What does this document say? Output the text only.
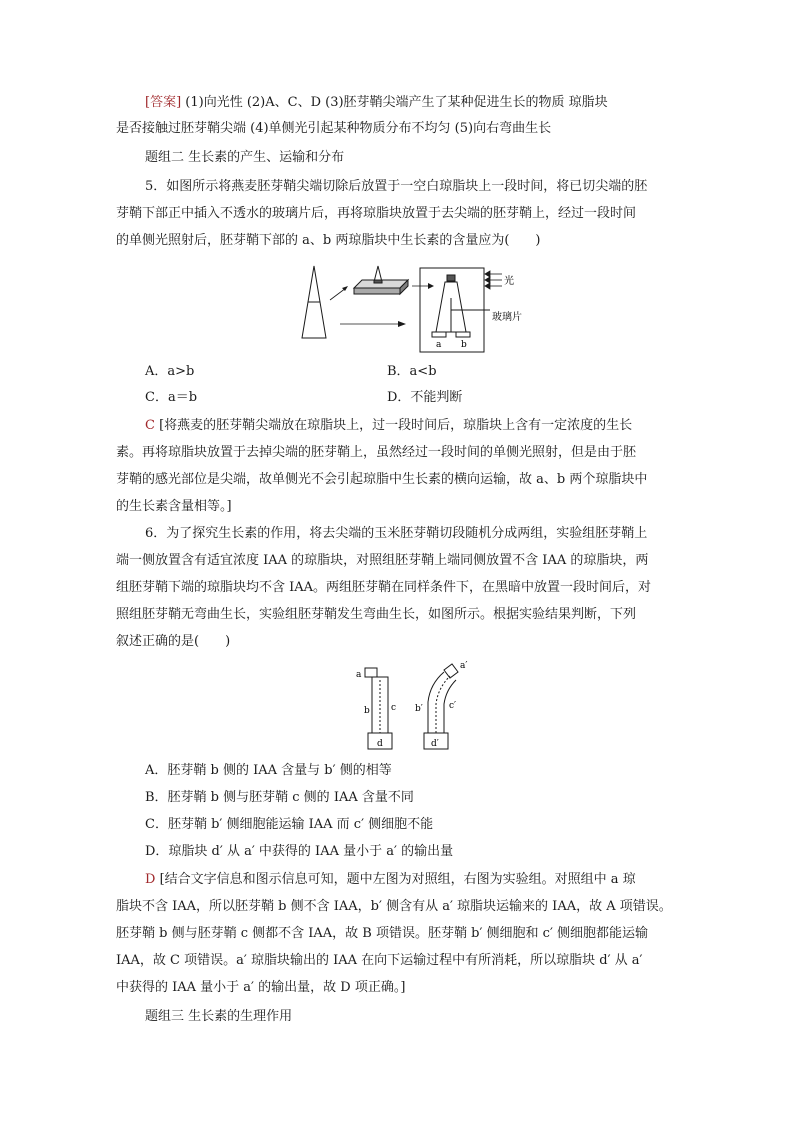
[答案] (1)向光性 (2)A、C、D (3)胚芽鞘尖端产生了某种促进生长的物质 琼脂块
是否接触过胚芽鞘尖端 (4)单侧光引起某种物质分布不均匀 (5)向右弯曲生长
题组二 生长素的产生、运输和分布
5．如图所示将燕麦胚芽鞘尖端切除后放置于一空白琼脂块上一段时间，将已切尖端的胚
芽鞘下部正中插入不透水的玻璃片后，再将琼脂块放置于去尖端的胚芽鞘上，经过一段时间
的单侧光照射后，胚芽鞘下部的 a、b 两琼脂块中生长素的含量应为(　　)
光
玻璃片
a b
A．a>b	B．a<b
C．a＝b	D．不能判断
C [将燕麦的胚芽鞘尖端放在琼脂块上，过一段时间后，琼脂块上含有一定浓度的生长
素。再将琼脂块放置于去掉尖端的胚芽鞘上，虽然经过一段时间的单侧光照射，但是由于胚
芽鞘的感光部位是尖端，故单侧光不会引起琼脂中生长素的横向运输，故 a、b 两个琼脂块中
的生长素含量相等。]
6．为了探究生长素的作用，将去尖端的玉米胚芽鞘切段随机分成两组，实验组胚芽鞘上
端一侧放置含有适宜浓度 IAA 的琼脂块，对照组胚芽鞘上端同侧放置不含 IAA 的琼脂块，两
组胚芽鞘下端的琼脂块均不含 IAA。两组胚芽鞘在同样条件下，在黑暗中放置一段时间后，对
照组胚芽鞘无弯曲生长，实验组胚芽鞘发生弯曲生长，如图所示。根据实验结果判断，下列
叙述正确的是(　　)
a
b c
d
a′
b′	c′
d′
A．胚芽鞘 b 侧的 IAA 含量与 b′ 侧的相等
B．胚芽鞘 b 侧与胚芽鞘 c 侧的 IAA 含量不同
C．胚芽鞘 b′ 侧细胞能运输 IAA 而 c′ 侧细胞不能
D．琼脂块 d′ 从 a′ 中获得的 IAA 量小于 a′ 的输出量
D [结合文字信息和图示信息可知，题中左图为对照组，右图为实验组。对照组中 a 琼
脂块不含 IAA，所以胚芽鞘 b 侧不含 IAA，b′ 侧含有从 a′ 琼脂块运输来的 IAA，故 A 项错误。
胚芽鞘 b 侧与胚芽鞘 c 侧都不含 IAA，故 B 项错误。胚芽鞘 b′ 侧细胞和 c′ 侧细胞都能运输
IAA，故 C 项错误。a′ 琼脂块输出的 IAA 在向下运输过程中有所消耗，所以琼脂块 d′ 从 a′
中获得的 IAA 量小于 a′ 的输出量，故 D 项正确。]
题组三 生长素的生理作用
